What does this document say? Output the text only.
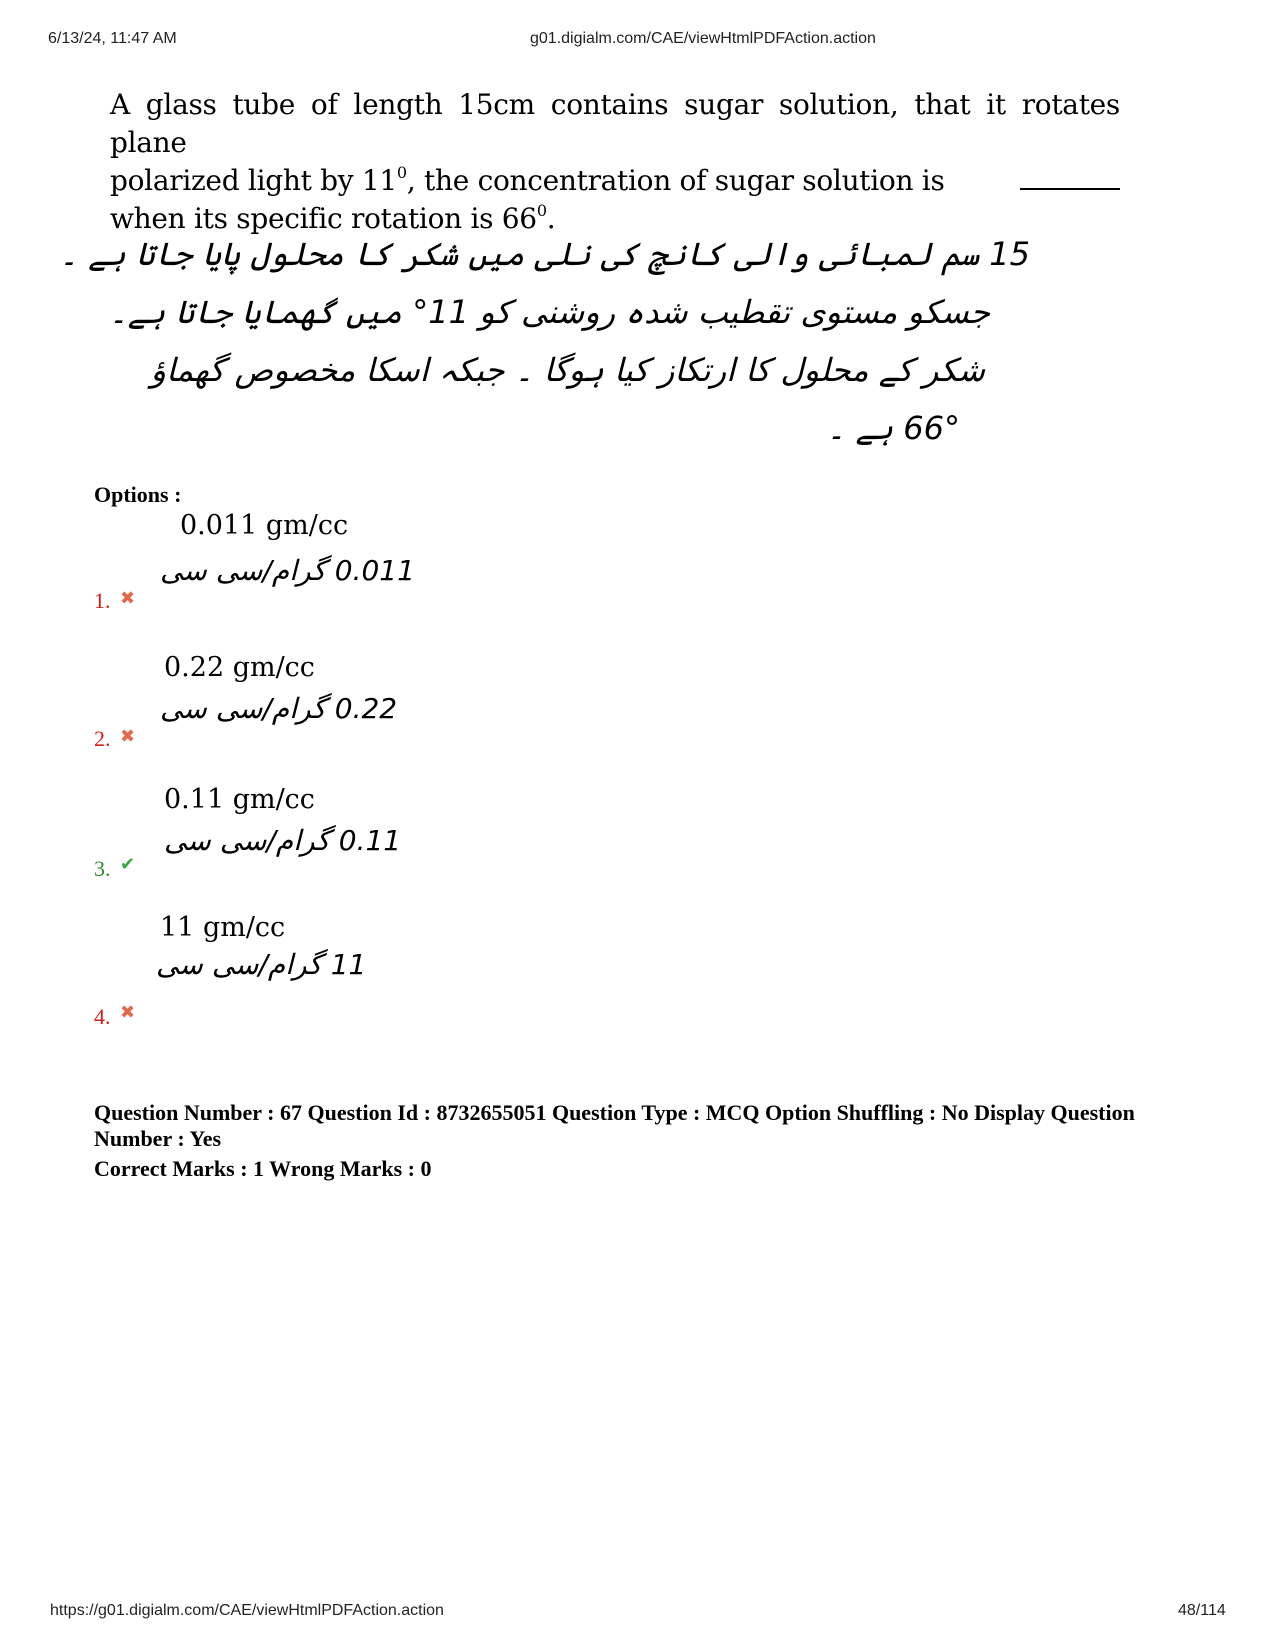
6/13/24, 11:47 AM	g01.digialm.com/CAE/viewHtmlPDFAction.action
A glass tube of length 15cm contains sugar solution, that it rotates plane
polarized light by $11^0$, the concentration of sugar solution is
when its specific rotation is $66^0$.
15 سم لمبائی والی کانچ کی نلی میں شکر کا محلول پایا جاتا ہے ۔
جسکو مستوی تقطیب شدہ روشنی کو 11° میں گھمایا جاتا ہے۔
شکر کے محلول کا ارتکاز کیا ہوگا ۔ جبکہ اسکا مخصوص گھماؤ
66° ہے ۔
Options :
0.011 gm/cc
0.011 گرام/سی سی
1. ✖
0.22 gm/cc
0.22 گرام/سی سی
2. ✖
0.11 gm/cc
0.11 گرام/سی سی
3. ✔
11 gm/cc
11 گرام/سی سی
4. ✖
Question Number : 67 Question Id : 8732655051 Question Type : MCQ Option Shuffling : No Display Question Number : Yes
Correct Marks : 1 Wrong Marks : 0
https://g01.digialm.com/CAE/viewHtmlPDFAction.action	48/114
